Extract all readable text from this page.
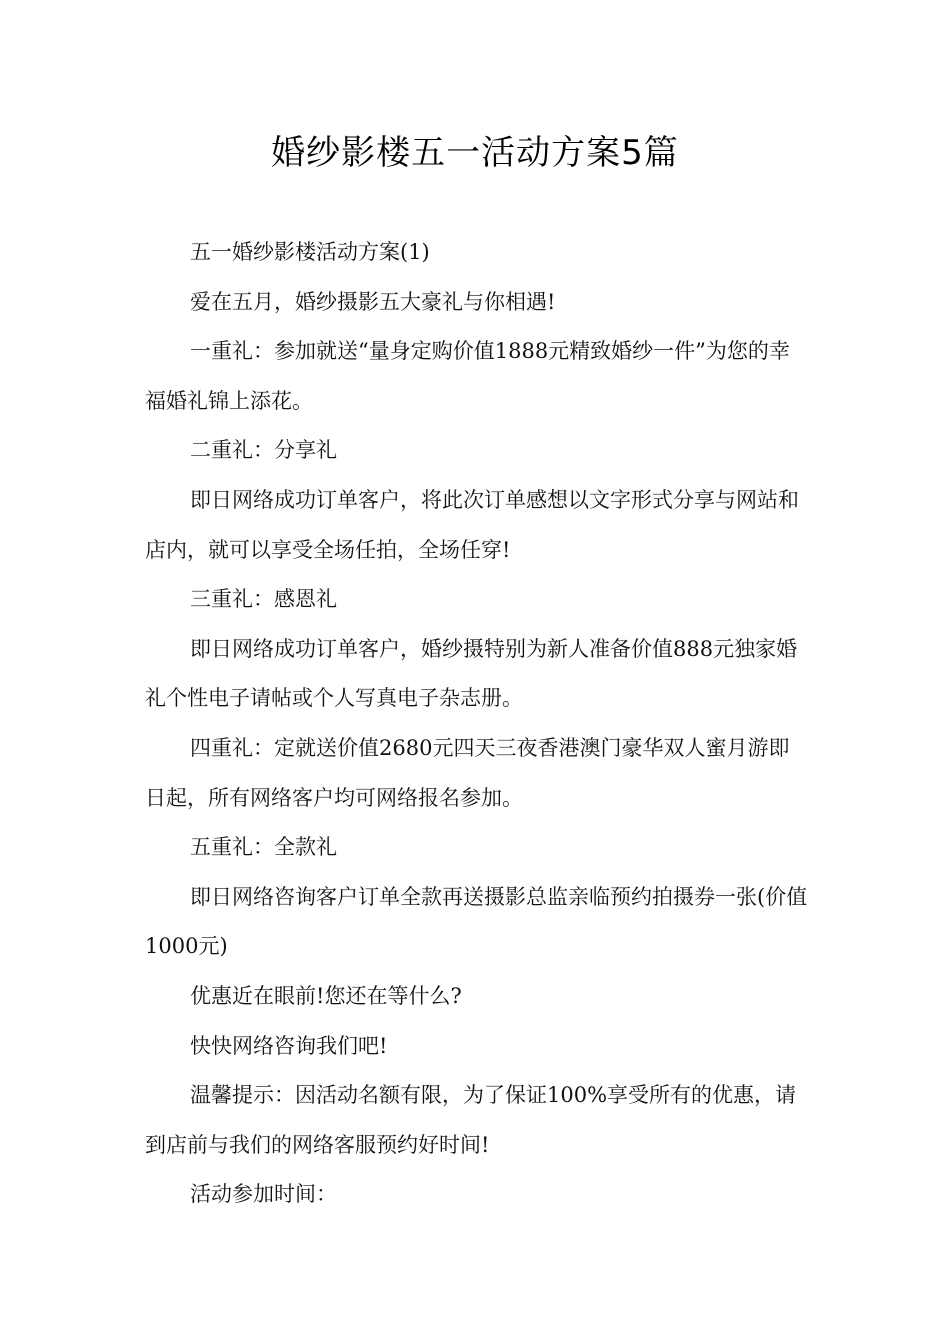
婚纱影楼五一活动方案5篇

五一婚纱影楼活动方案(1)

爱在五月，婚纱摄影五大豪礼与你相遇!

一重礼：参加就送“量身定购价值1888元精致婚纱一件”为您的幸福婚礼锦上添花。

二重礼：分享礼

即日网络成功订单客户，将此次订单感想以文字形式分享与网站和店内，就可以享受全场任拍，全场任穿!

三重礼：感恩礼

即日网络成功订单客户，婚纱摄特别为新人准备价值888元独家婚礼个性电子请帖或个人写真电子杂志册。

四重礼：定就送价值2680元四天三夜香港澳门豪华双人蜜月游即日起，所有网络客户均可网络报名参加。

五重礼：全款礼

即日网络咨询客户订单全款再送摄影总监亲临预约拍摄券一张(价值1000元)

优惠近在眼前!您还在等什么?

快快网络咨询我们吧!

温馨提示：因活动名额有限，为了保证100%享受所有的优惠，请到店前与我们的网络客服预约好时间!

活动参加时间：
